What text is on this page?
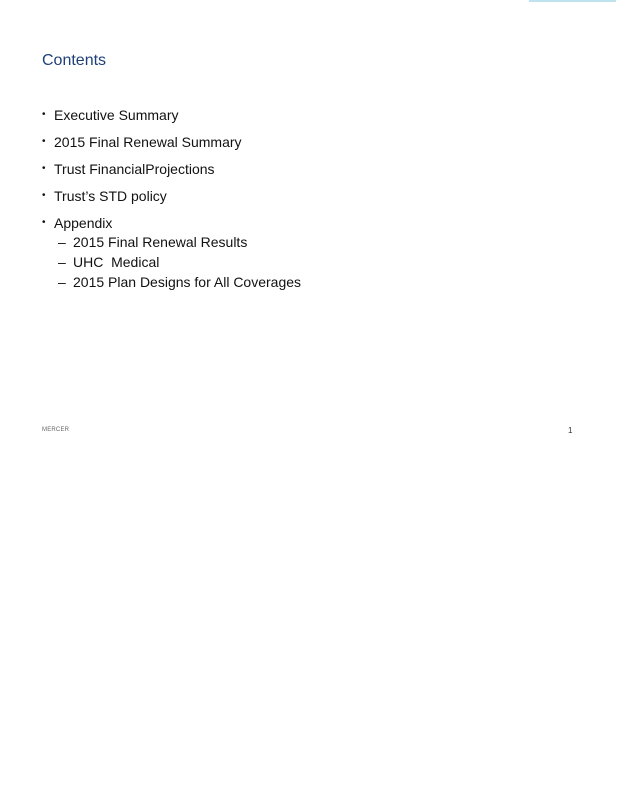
Contents
• Executive Summary
• 2015 Final Renewal Summary
• Trust FinancialProjections
• Trust’s STD policy
• Appendix
– 2015 Final Renewal Results
– UHC  Medical
– 2015 Plan Designs for All Coverages
MERCER	1
